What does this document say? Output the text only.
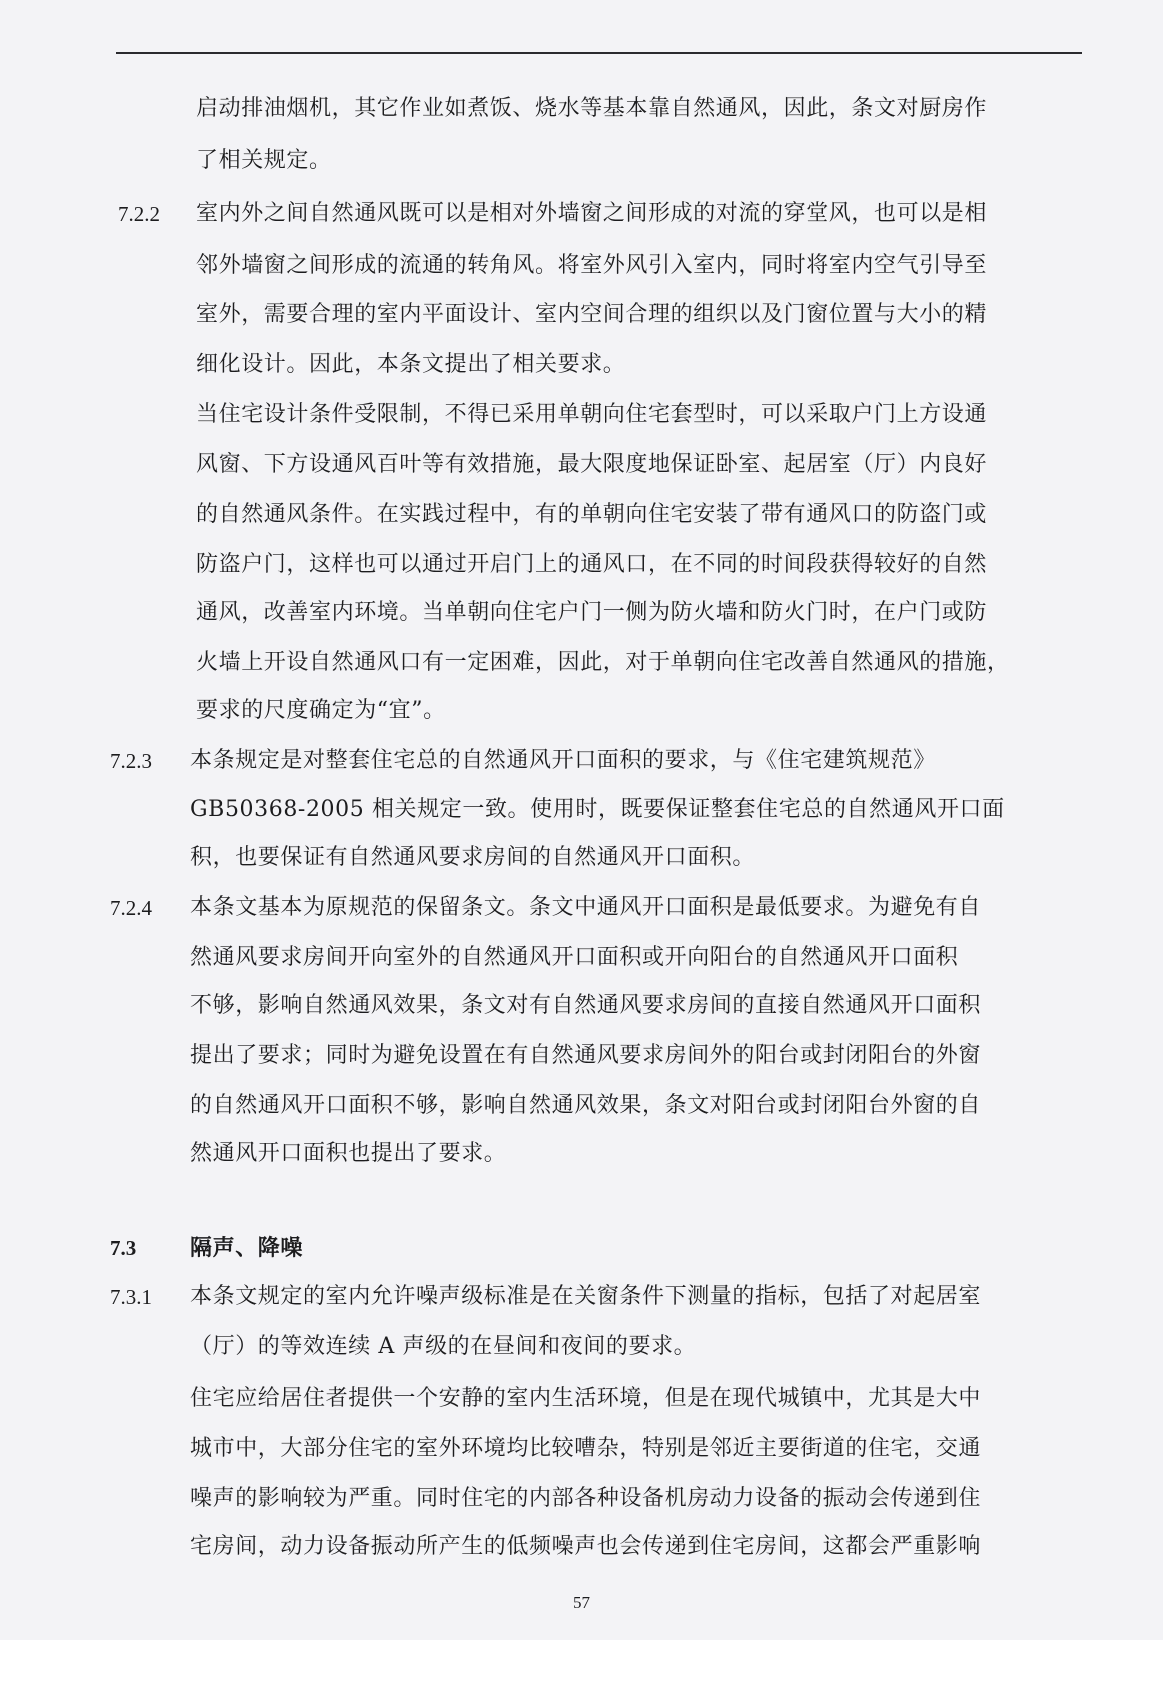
启动排油烟机，其它作业如煮饭、烧水等基本靠自然通风，因此，条文对厨房作
了相关规定。
7.2.2 室内外之间自然通风既可以是相对外墙窗之间形成的对流的穿堂风，也可以是相
邻外墙窗之间形成的流通的转角风。将室外风引入室内，同时将室内空气引导至
室外，需要合理的室内平面设计、室内空间合理的组织以及门窗位置与大小的精
细化设计。因此，本条文提出了相关要求。
当住宅设计条件受限制，不得已采用单朝向住宅套型时，可以采取户门上方设通
风窗、下方设通风百叶等有效措施，最大限度地保证卧室、起居室（厅）内良好
的自然通风条件。在实践过程中，有的单朝向住宅安装了带有通风口的防盗门或
防盗户门，这样也可以通过开启门上的通风口，在不同的时间段获得较好的自然
通风，改善室内环境。当单朝向住宅户门一侧为防火墙和防火门时，在户门或防
火墙上开设自然通风口有一定困难，因此，对于单朝向住宅改善自然通风的措施，
要求的尺度确定为“宜”。
7.2.3 本条规定是对整套住宅总的自然通风开口面积的要求，与《住宅建筑规范》
GB50368-2005 相关规定一致。使用时，既要保证整套住宅总的自然通风开口面
积，也要保证有自然通风要求房间的自然通风开口面积。
7.2.4 本条文基本为原规范的保留条文。条文中通风开口面积是最低要求。为避免有自
然通风要求房间开向室外的自然通风开口面积或开向阳台的自然通风开口面积
不够，影响自然通风效果，条文对有自然通风要求房间的直接自然通风开口面积
提出了要求；同时为避免设置在有自然通风要求房间外的阳台或封闭阳台的外窗
的自然通风开口面积不够，影响自然通风效果，条文对阳台或封闭阳台外窗的自
然通风开口面积也提出了要求。
7.3 隔声、降噪
7.3.1 本条文规定的室内允许噪声级标准是在关窗条件下测量的指标，包括了对起居室
（厅）的等效连续 A 声级的在昼间和夜间的要求。
住宅应给居住者提供一个安静的室内生活环境，但是在现代城镇中，尤其是大中
城市中，大部分住宅的室外环境均比较嘈杂，特别是邻近主要街道的住宅，交通
噪声的影响较为严重。同时住宅的内部各种设备机房动力设备的振动会传递到住
宅房间，动力设备振动所产生的低频噪声也会传递到住宅房间，这都会严重影响
57
